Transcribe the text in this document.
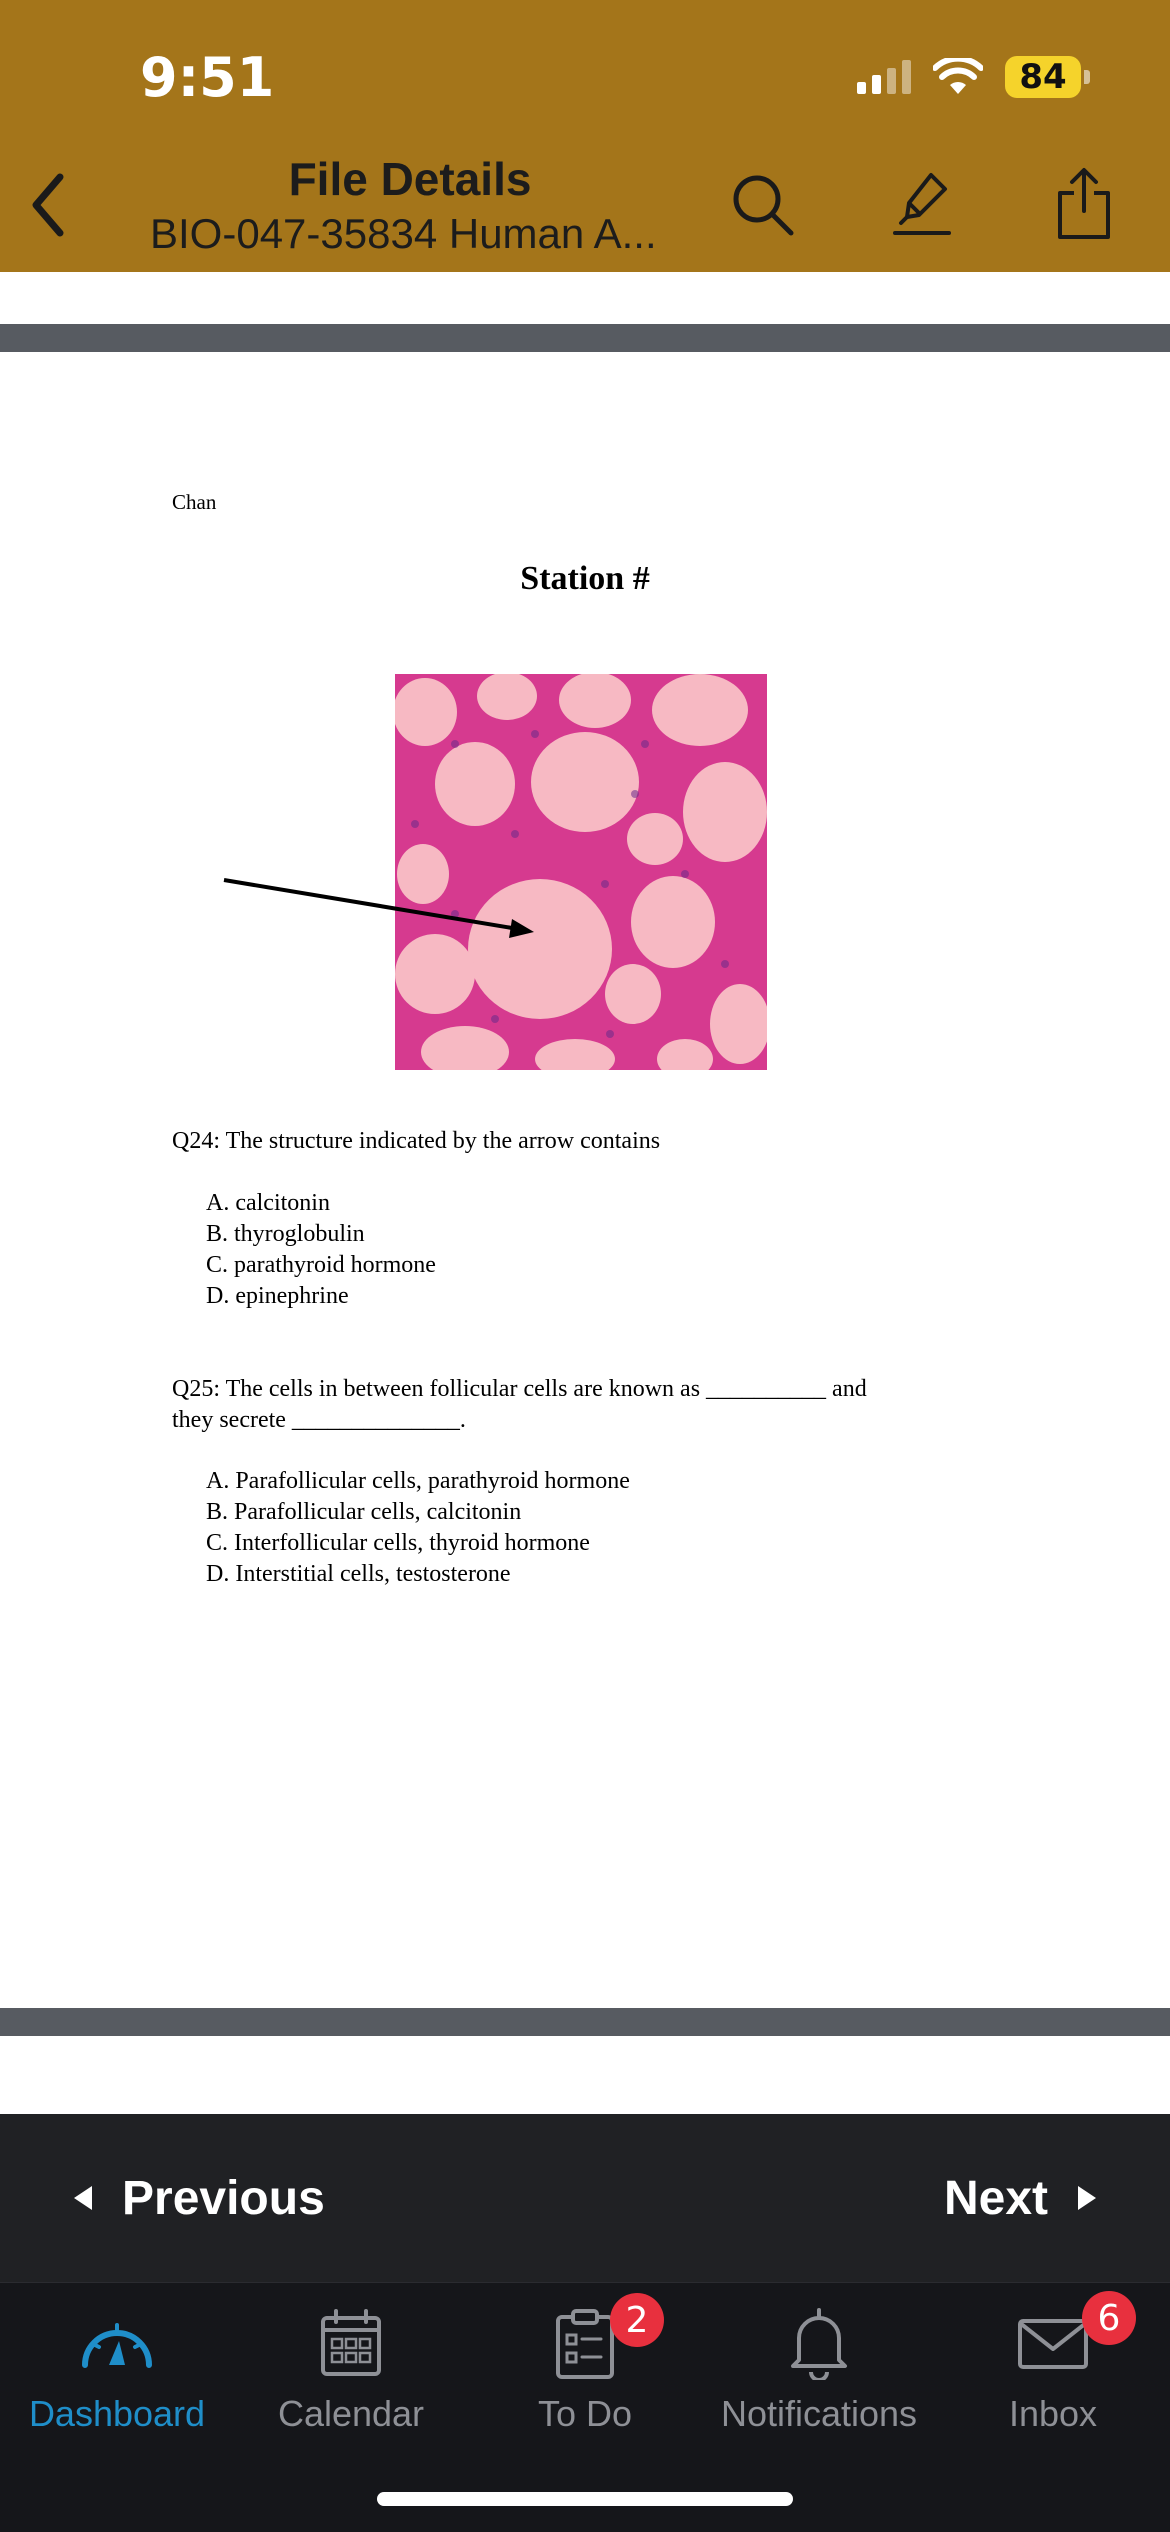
9:51	84
File Details
BIO-047-35834 Human A...
Chan
Station #
Q24: The structure indicated by the arrow contains
A. calcitonin
B. thyroglobulin
C. parathyroid hormone
D. epinephrine
Q25: The cells in between follicular cells are known as __________ and
they secrete ______________.
A. Parafollicular cells, parathyroid hormone
B. Parafollicular cells, calcitonin
C. Interfollicular cells, thyroid hormone
D. Interstitial cells, testosterone
Previous	Next
Dashboard	Calendar
2
To Do	Notifications
6
Inbox
